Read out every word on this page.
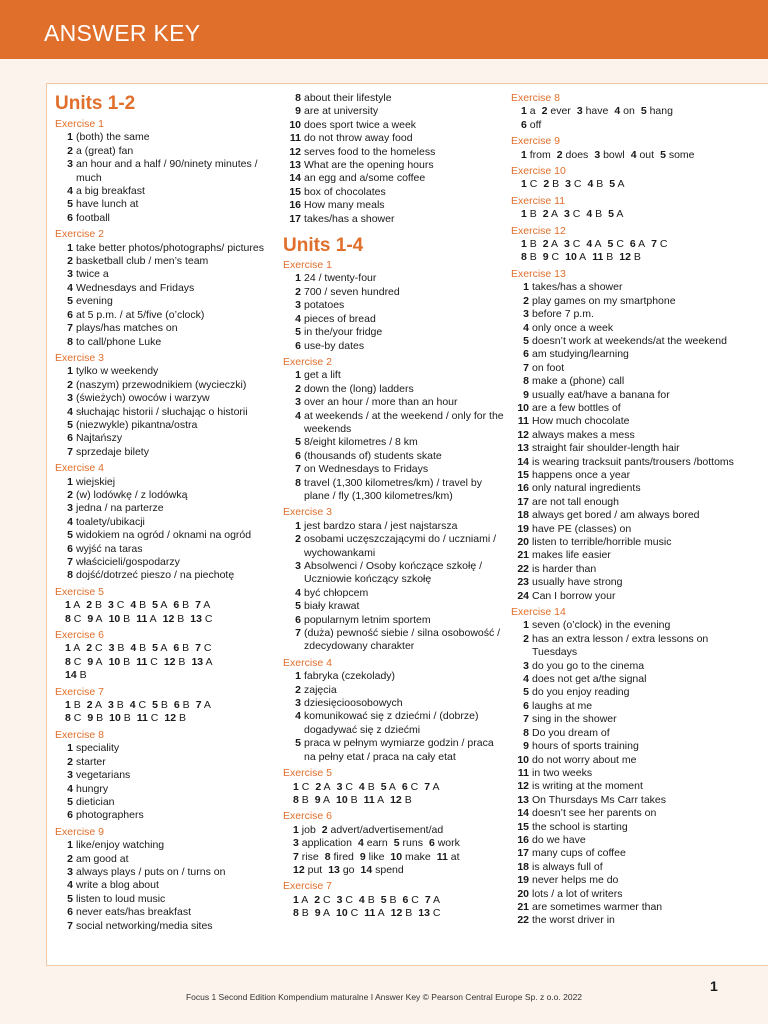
ANSWER KEY
Units 1-2
Exercise 1
1 (both) the same
2 a (great) fan
3 an hour and a half / 90/ninety minutes / much
4 a big breakfast
5 have lunch at
6 football
Exercise 2
1 take better photos/photographs/ pictures
2 basketball club / men’s team
3 twice a
4 Wednesdays and Fridays
5 evening
6 at 5 p.m. / at 5/five (o’clock)
7 plays/has matches on
8 to call/phone Luke
Exercise 3
1 tylko w weekendy
2 (naszym) przewodnikiem (wycieczki)
3 (świeżych) owoców i warzyw
4 słuchając historii / słuchając o historii
5 (niezwykle) pikantna/ostra
6 Najtańszy
7 sprzedaje bilety
Exercise 4
1 wiejskiej
2 (w) lodówkę / z lodówką
3 jedna / na parterze
4 toalety/ubikacji
5 widokiem na ogród / oknami na ogród
6 wyjść na taras
7 właścicieli/gospodarzy
8 dojść/dotrzeć pieszo / na piechotę
Exercise 5
1 A 2 B 3 C 4 B 5 A 6 B 7 A
8 C 9 A 10 B 11 A 12 B 13 C
Exercise 6
1 A 2 C 3 B 4 B 5 A 6 B 7 C
8 C 9 A 10 B 11 C 12 B 13 A
14 B
Exercise 7
1 B 2 A 3 B 4 C 5 B 6 B 7 A
8 C 9 B 10 B 11 C 12 B
Exercise 8
1 speciality
2 starter
3 vegetarians
4 hungry
5 dietician
6 photographers
Exercise 9
1 like/enjoy watching
2 am good at
3 always plays / puts on / turns on
4 write a blog about
5 listen to loud music
6 never eats/has breakfast
7 social networking/media sites
8 about their lifestyle
9 are at university
10 does sport twice a week
11 do not throw away food
12 serves food to the homeless
13 What are the opening hours
14 an egg and a/some coffee
15 box of chocolates
16 How many meals
17 takes/has a shower
Units 1-4
Exercise 1
1 24 / twenty-four
2 700 / seven hundred
3 potatoes
4 pieces of bread
5 in the/your fridge
6 use-by dates
Exercise 2
1 get a lift
2 down the (long) ladders
3 over an hour / more than an hour
4 at weekends / at the weekend / only for the weekends
5 8/eight kilometres / 8 km
6 (thousands of) students skate
7 on Wednesdays to Fridays
8 travel (1,300 kilometres/km) / travel by plane / fly (1,300 kilometres/km)
Exercise 3
1 jest bardzo stara / jest najstarsza
2 osobami uczęszczającymi do / uczniami / wychowankami
3 Absolwenci / Osoby kończące szkołę / Uczniowie kończący szkołę
4 być chłopcem
5 biały krawat
6 popularnym letnim sportem
7 (duża) pewność siebie / silna osobowość / zdecydowany charakter
Exercise 4
1 fabryka (czekolady)
2 zajęcia
3 dziesięcioosobowych
4 komunikować się z dziećmi / (dobrze) dogadywać się z dziećmi
5 praca w pełnym wymiarze godzin / praca na pełny etat / praca na cały etat
Exercise 5
1 C 2 A 3 C 4 B 5 A 6 C 7 A
8 B 9 A 10 B 11 A 12 B
Exercise 6
1 job 2 advert/advertisement/ad
3 application 4 earn 5 runs 6 work
7 rise 8 fired 9 like 10 make 11 at
12 put 13 go 14 spend
Exercise 7
1 A 2 C 3 C 4 B 5 B 6 C 7 A
8 B 9 A 10 C 11 A 12 B 13 C
Exercise 8
1 a 2 ever 3 have 4 on 5 hang
6 off
Exercise 9
1 from 2 does 3 bowl 4 out 5 some
Exercise 10
1 C 2 B 3 C 4 B 5 A
Exercise 11
1 B 2 A 3 C 4 B 5 A
Exercise 12
1 B 2 A 3 C 4 A 5 C 6 A 7 C
8 B 9 C 10 A 11 B 12 B
Exercise 13
1 takes/has a shower
2 play games on my smartphone
3 before 7 p.m.
4 only once a week
5 doesn’t work at weekends/at the weekend
6 am studying/learning
7 on foot
8 make a (phone) call
9 usually eat/have a banana for
10 are a few bottles of
11 How much chocolate
12 always makes a mess
13 straight fair shoulder-length hair
14 is wearing tracksuit pants/trousers /bottoms
15 happens once a year
16 only natural ingredients
17 are not tall enough
18 always get bored / am always bored
19 have PE (classes) on
20 listen to terrible/horrible music
21 makes life easier
22 is harder than
23 usually have strong
24 Can I borrow your
Exercise 14
1 seven (o’clock) in the evening
2 has an extra lesson / extra lessons on Tuesdays
3 do you go to the cinema
4 does not get a/the signal
5 do you enjoy reading
6 laughs at me
7 sing in the shower
8 Do you dream of
9 hours of sports training
10 do not worry about me
11 in two weeks
12 is writing at the moment
13 On Thursdays Ms Carr takes
14 doesn’t see her parents on
15 the school is starting
16 do we have
17 many cups of coffee
18 is always full of
19 never helps me do
20 lots / a lot of writers
21 are sometimes warmer than
22 the worst driver in
1
Focus 1 Second Edition Kompendium maturalne I Answer Key © Pearson Central Europe Sp. z o.o. 2022
